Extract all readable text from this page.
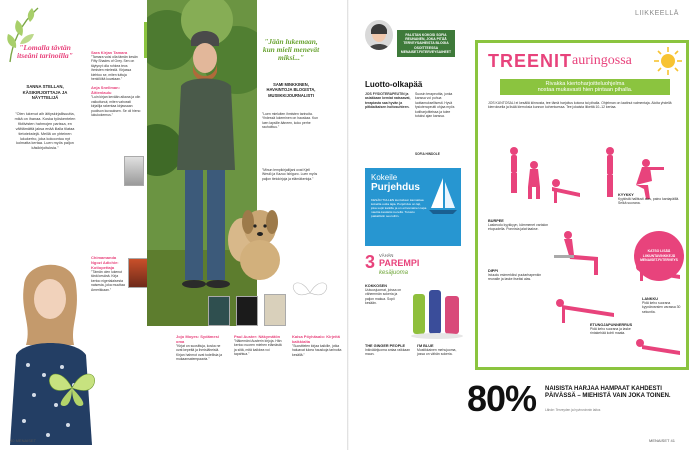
"Lomalla tävtän itseäni tarinoilla"
SANNA STELLAN, KÄSIKIRJOITTAJA JA NÄYTTELIJÄ
"Olen lukenut aih äitiyskirjallisuutta, mikä on ihanaa. Koska työskentelen fiktiivisten hahmojen parissa, en välttämättä jaksa enää illalla tilataa tietotekstejä. Meillä on yhteinen lukukerho, joka kokoontuu nyt kolmatta kertaa. Luen myös paljon käsikirjoituksia."
Sara Kirjan Tamara
"Tamara voisi olla tämän kesän Fifty Shades of Grey. Sen on täytynyt olla rohkea teos ihmisten mielestä. Kirjassa kiehtoo se, miten tuttuja henkilöitä kuvataan."
Anja Snellman: Äitienlaulu
"Luin kirjan kevään aikana ja olin vaikuttunut, miten vahvasti kirjailija rakentaa kirjassaan puolison kuvauksen. Se oli hieno lukukokemus."
Chimamanda Ngozi Adichie: Kotiopettaja
"Tämän olen lukenut tänä kesänä. Kirja kertoo nigerialaisesta naisesta, joka muuttaa Amerikkaan."
"Jään lukemaan, kun mieli menevät miksi..."
SAMI MINKKINEN, HAVAINTOJA BLOGISTA, MUSIIKKIJOURNALISTI
"Luen mieluiten ihmisten tarinoita. Yhdessä lukeminen on hauskaa. Kun luen lapsille ääneen, koko perhe rauhoittuu."
"Minun lempikirjailijani ovat Kjell Westö ja Kazuo Ishiguro. Luen myös paljon tietokirjoja ja elämäkertoja."
Jojo Moyes: Sydämesi oma
"Kirjat on suosittuja, koska ne ovat kepeitä ja ihmisläheisiä. Kirjan hahmot ovat todellisia ja mukaansatempaavia."
Paul Auster: Näkymätön
"Näkemäni Austerin kirjoja. Hän kertoo nuoren miehen elämästä ja siitä, mitä kaikkea voi tapahtua."
Kaisa Pöyhäsalo: Kirjeitä kaikkialta
"Suosittelen kirjaa kaikille, jotka haluavat lukea hauskoja tarinoita kesällä."
40 MENAISET
LIIKKEELLÄ
PALSTAN KOKOSI SOFIA REUNANEN, JOKA PITÄÄ TERVEYSAIHEISTA BLOGIA OSOITTEESSA MENAISET.FI/TERVEYSAIHEET
Luotto-olkapää
JOS FYSIOTERAPEUTIN ja asiakkaan kemiat natsaavat, terapiasta saa hyvän ja pitkäaikaisen hoitosuhteen.
Suosin terapeuttia, jonka kanssa voi puhua luottamuksellisesti. Hyvä fysioterapeutti ohjaa myös kotiharjoitteissa ja tulee tutuksi ajan kanssa.
SOFIA HINDOLE
Kokeile
Purjehdus
KESÄN TULLEN kuntoiluun kannattaa kokeilla uutta lajia. Purjehdus on laji, joka sopii kaikille ja on erinomainen tapa nauttia kesästä merellä. Tutustu paikallisiin seuroihin.
3 VÄHÄN
PAREMPI
kesäjuoma
KOKKOSEN
Uutuusjuomat, joissa on vähemmän sokeria ja paljon makua. Sopii kesään.
THE GINGER PEOPLE
Inkiväärijuoma antaa raikkaan maun.
I'M BLUE
Mustikkainen mehujuoma, jossa on vähän sokeria.
80% NAISISTA HARJAA HAMPAAT KAHDESTI PÄIVÄSSÄ – MIEHISTÄ VAIN JOKA TOINEN.
Lähde: Terveyden ja hyvinvoinnin laitos
TREENIT auringossa
Rivakka kiertoharjoitteluohjelma
nostaa mukavasti hien pintaan pihalla.
JOS KUNTOSALI ei kesällä kiinnosta, tee tämä harjoitus kotona tai pihalla. Ohjelman on laatinut valmentaja. Aloita yhdellä kierroksella ja lisää kierroksia kunnon kohentuessa. Tee jokaista liikettä 10–12 kertaa.
BURPEE
Laskeudu kyykkyyn, kämmenet vartalon etupuolella. Ponnista jalat taakse.
KYYKKY
Kyykistä hallitusti alas, paino kantapäillä. Selkä suorana.
DIPPI
Istuudu esimerkiksi puutarhapenkin reunalle ja laske itseäsi alas.
ETUNOJAPUNNERRUS
Pidä keho suorana ja laske rintakehää kohti maata.
LANKKU
Pidä keho suorana kyynärvarsien varassa 30 sekuntia.
KATSO LISÄÄ LIIKUNTAVINKKEJÄ MENAISET.FI/TERVEYS
MENAISET 41
